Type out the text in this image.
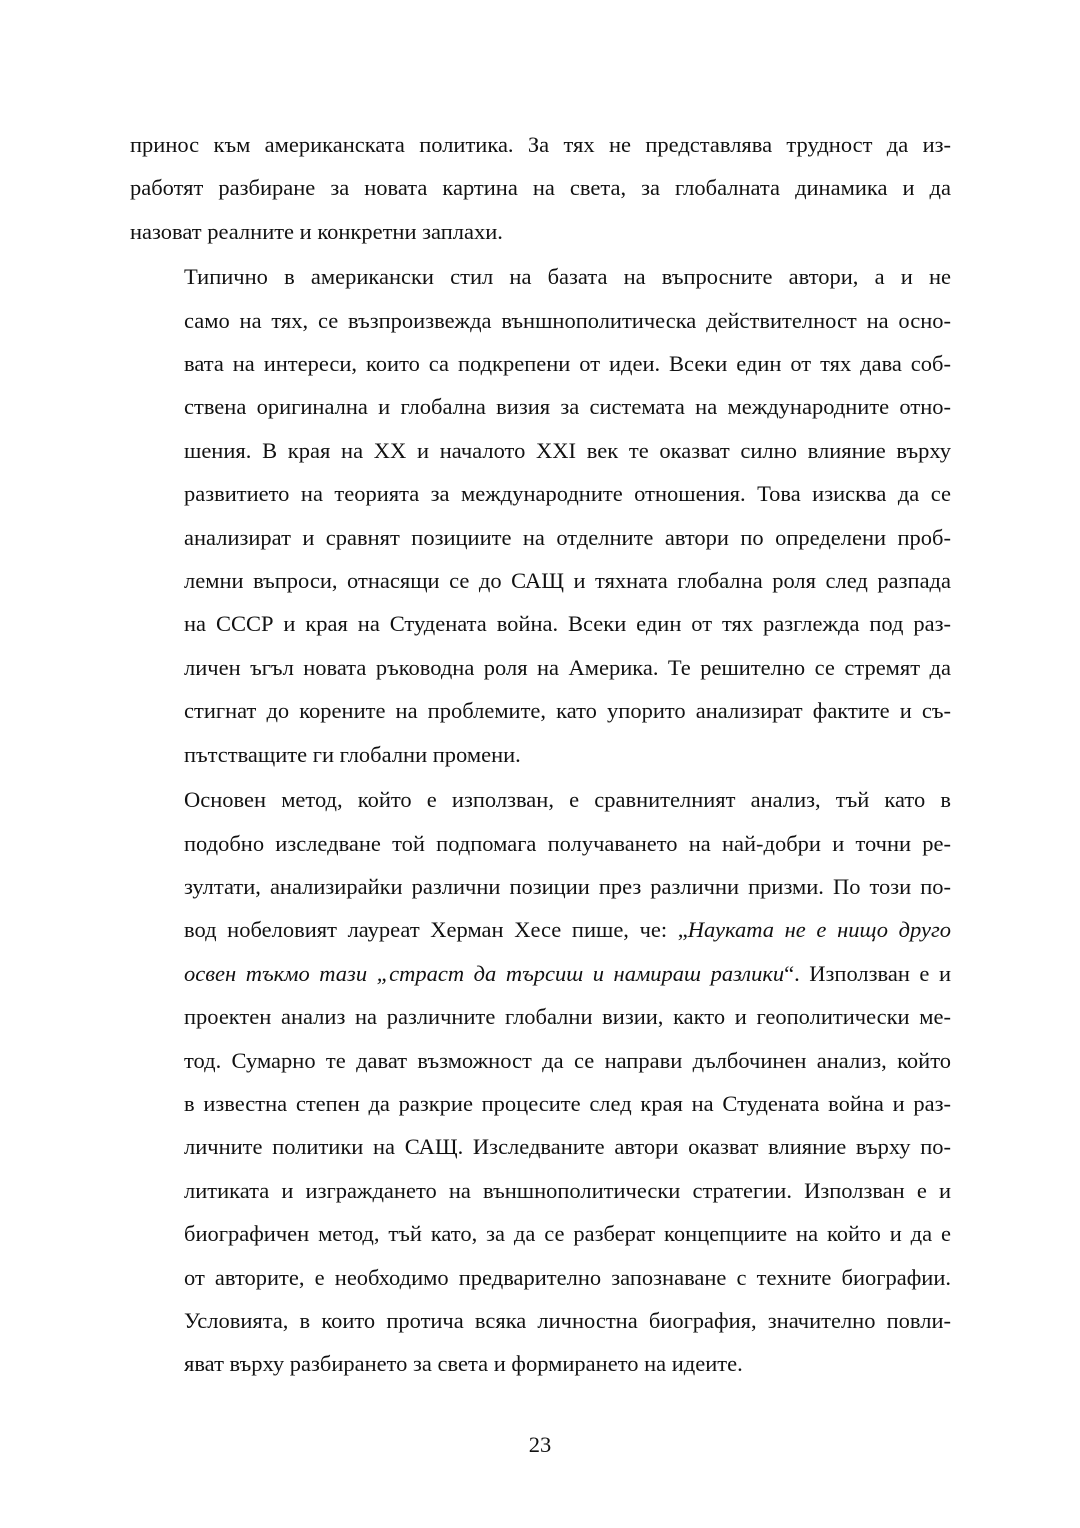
принос към американската политика. За тях не представлява трудност да из-
работят разбиране за новата картина на света, за глобалната динамика и да
назоват реалните и конкретни заплахи.
Типично в американски стил на базата на въпросните автори, а и не
само на тях, се възпроизвежда външнополитическа действителност на осно-
вата на интереси, които са подкрепени от идеи. Всеки един от тях дава соб-
ствена оригинална и глобална визия за системата на международните отно-
шения. В края на XX и началото XXI век те оказват силно влияние върху
развитието на теорията за международните отношения. Това изисква да се
анализират и сравнят позициите на отделните автори по определени проб-
лемни въпроси, отнасящи се до САЩ и тяхната глобална роля след разпада
на СССР и края на Студената война. Всеки един от тях разглежда под раз-
личен ъгъл новата ръководна роля на Америка. Те решително се стремят да
стигнат до корените на проблемите, като упорито анализират фактите и съ-
пътстващите ги глобални промени.
Основен метод, който е използван, е сравнителният анализ, тъй като в
подобно изследване той подпомага получаването на най-добри и точни ре-
зултати, анализирайки различни позиции през различни призми. По този по-
вод нобеловият лауреат Херман Хесе пише, че: „Науката не е нищо друго
освен тъкмо тази „страст да търсиш и намираш разлики“. Използван е и
проектен анализ на различните глобални визии, както и геополитически ме-
тод. Сумарно те дават възможност да се направи дълбочинен анализ, който
в известна степен да разкрие процесите след края на Студената война и раз-
личните политики на САЩ. Изследваните автори оказват влияние върху по-
литиката и изграждането на външнополитически стратегии. Използван е и
биографичен метод, тъй като, за да се разберат концепциите на който и да е
от авторите, е необходимо предварително запознаване с техните биографии.
Условията, в които протича всяка личностна биография, значително повли-
яват върху разбирането за света и формирането на идеите.
23
